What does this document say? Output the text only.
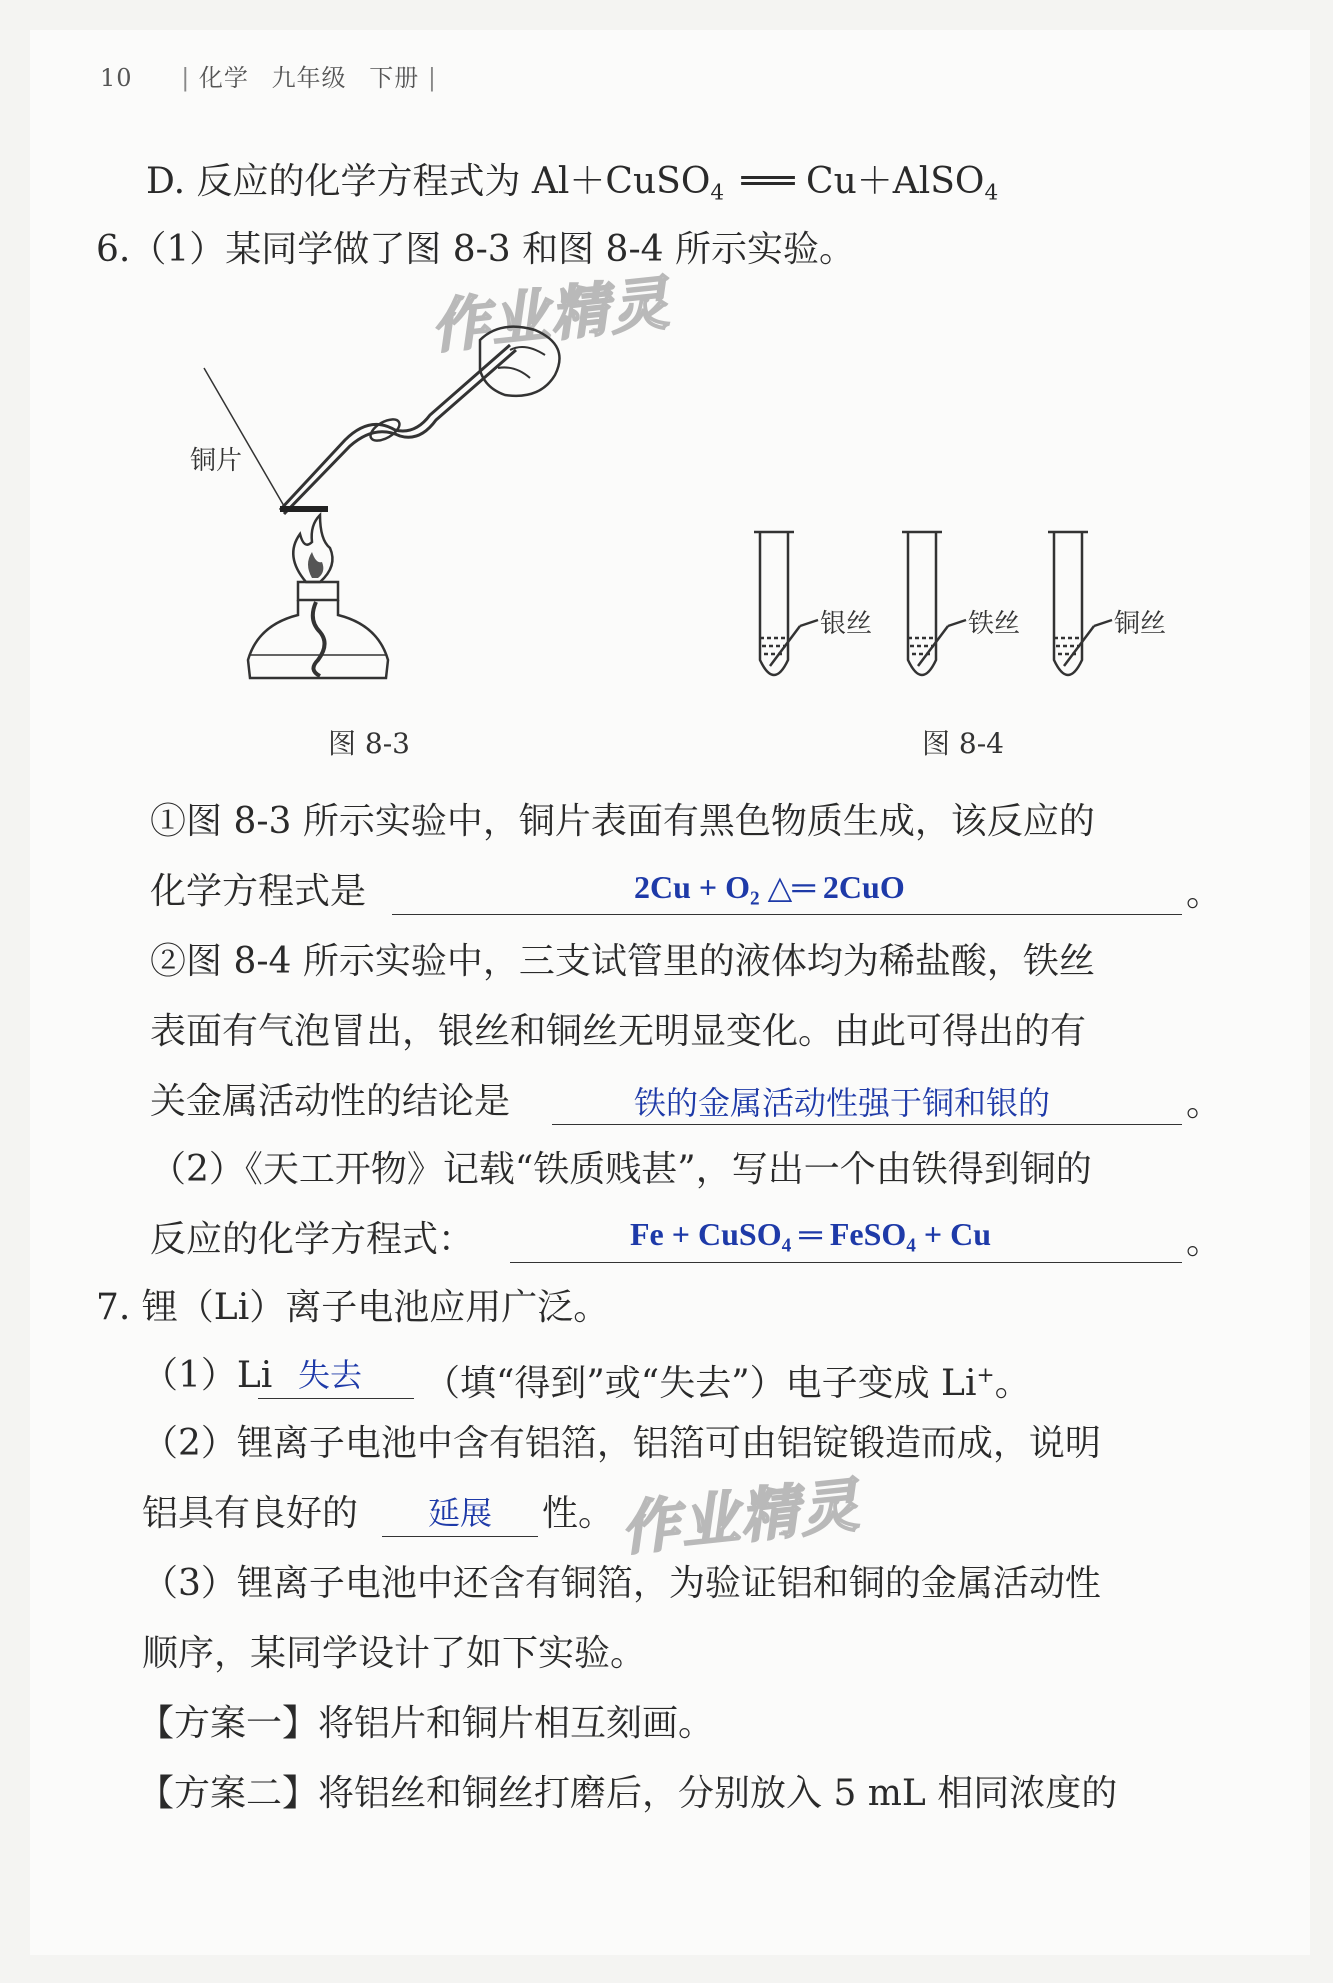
10 | 化学 九年级 下册 |
D. 反应的化学方程式为 Al＋CuSO$_4$ ═══ Cu＋AlSO$_4$
6.（1）某同学做了图 8-3 和图 8-4 所示实验。
作业精灵
铜片
图 8-3
银丝	铁丝	铜丝
图 8-4
①图 8-3 所示实验中，铜片表面有黑色物质生成，该反应的
化学方程式是	2Cu + O₂ △═ 2CuO	。
②图 8-4 所示实验中，三支试管里的液体均为稀盐酸，铁丝
表面有气泡冒出，银丝和铜丝无明显变化。由此可得出的有
关金属活动性的结论是	铁的金属活动性强于铜和银的	。
（2）《天工开物》记载“铁质贱甚”，写出一个由铁得到铜的
反应的化学方程式：	Fe + CuSO₄ ═ FeSO₄ + Cu	。
7. 锂（Li）离子电池应用广泛。
（1）Li 失去 （填“得到”或“失去”）电子变成 Li+。
（2）锂离子电池中含有铝箔，铝箔可由铝锭锻造而成，说明
铝具有良好的 延展 性。 作业精灵
（3）锂离子电池中还含有铜箔，为验证铝和铜的金属活动性
顺序，某同学设计了如下实验。
【方案一】将铝片和铜片相互刻画。
【方案二】将铝丝和铜丝打磨后，分别放入 5 mL 相同浓度的
